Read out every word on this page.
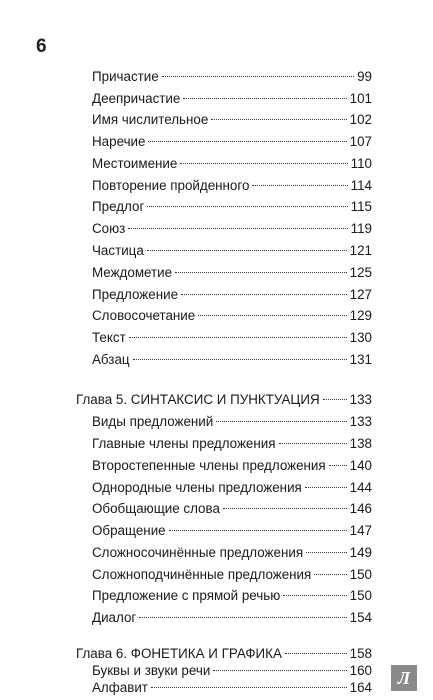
6
Причастие	99
Деепричастие	101
Имя числительное	102
Наречие	107
Местоимение	110
Повторение пройденного	114
Предлог	115
Союз	119
Частица	121
Междометие	125
Предложение	127
Словосочетание	129
Текст	130
Абзац	131
Глава 5. СИНТАКСИС И ПУНКТУАЦИЯ 133
Виды предложений	133
Главные члены предложения	138
Второстепенные члены предложения 140
Однородные члены предложения	144
Обобщающие слова	146
Обращение	147
Сложносочинённые предложения	149
Сложноподчинённые предложения	150
Предложение с прямой речью	150
Диалог	154
Глава 6. ФОНЕТИКА И ГРАФИКА	158
Буквы и звуки речи	160
Алфавит	164 Л
